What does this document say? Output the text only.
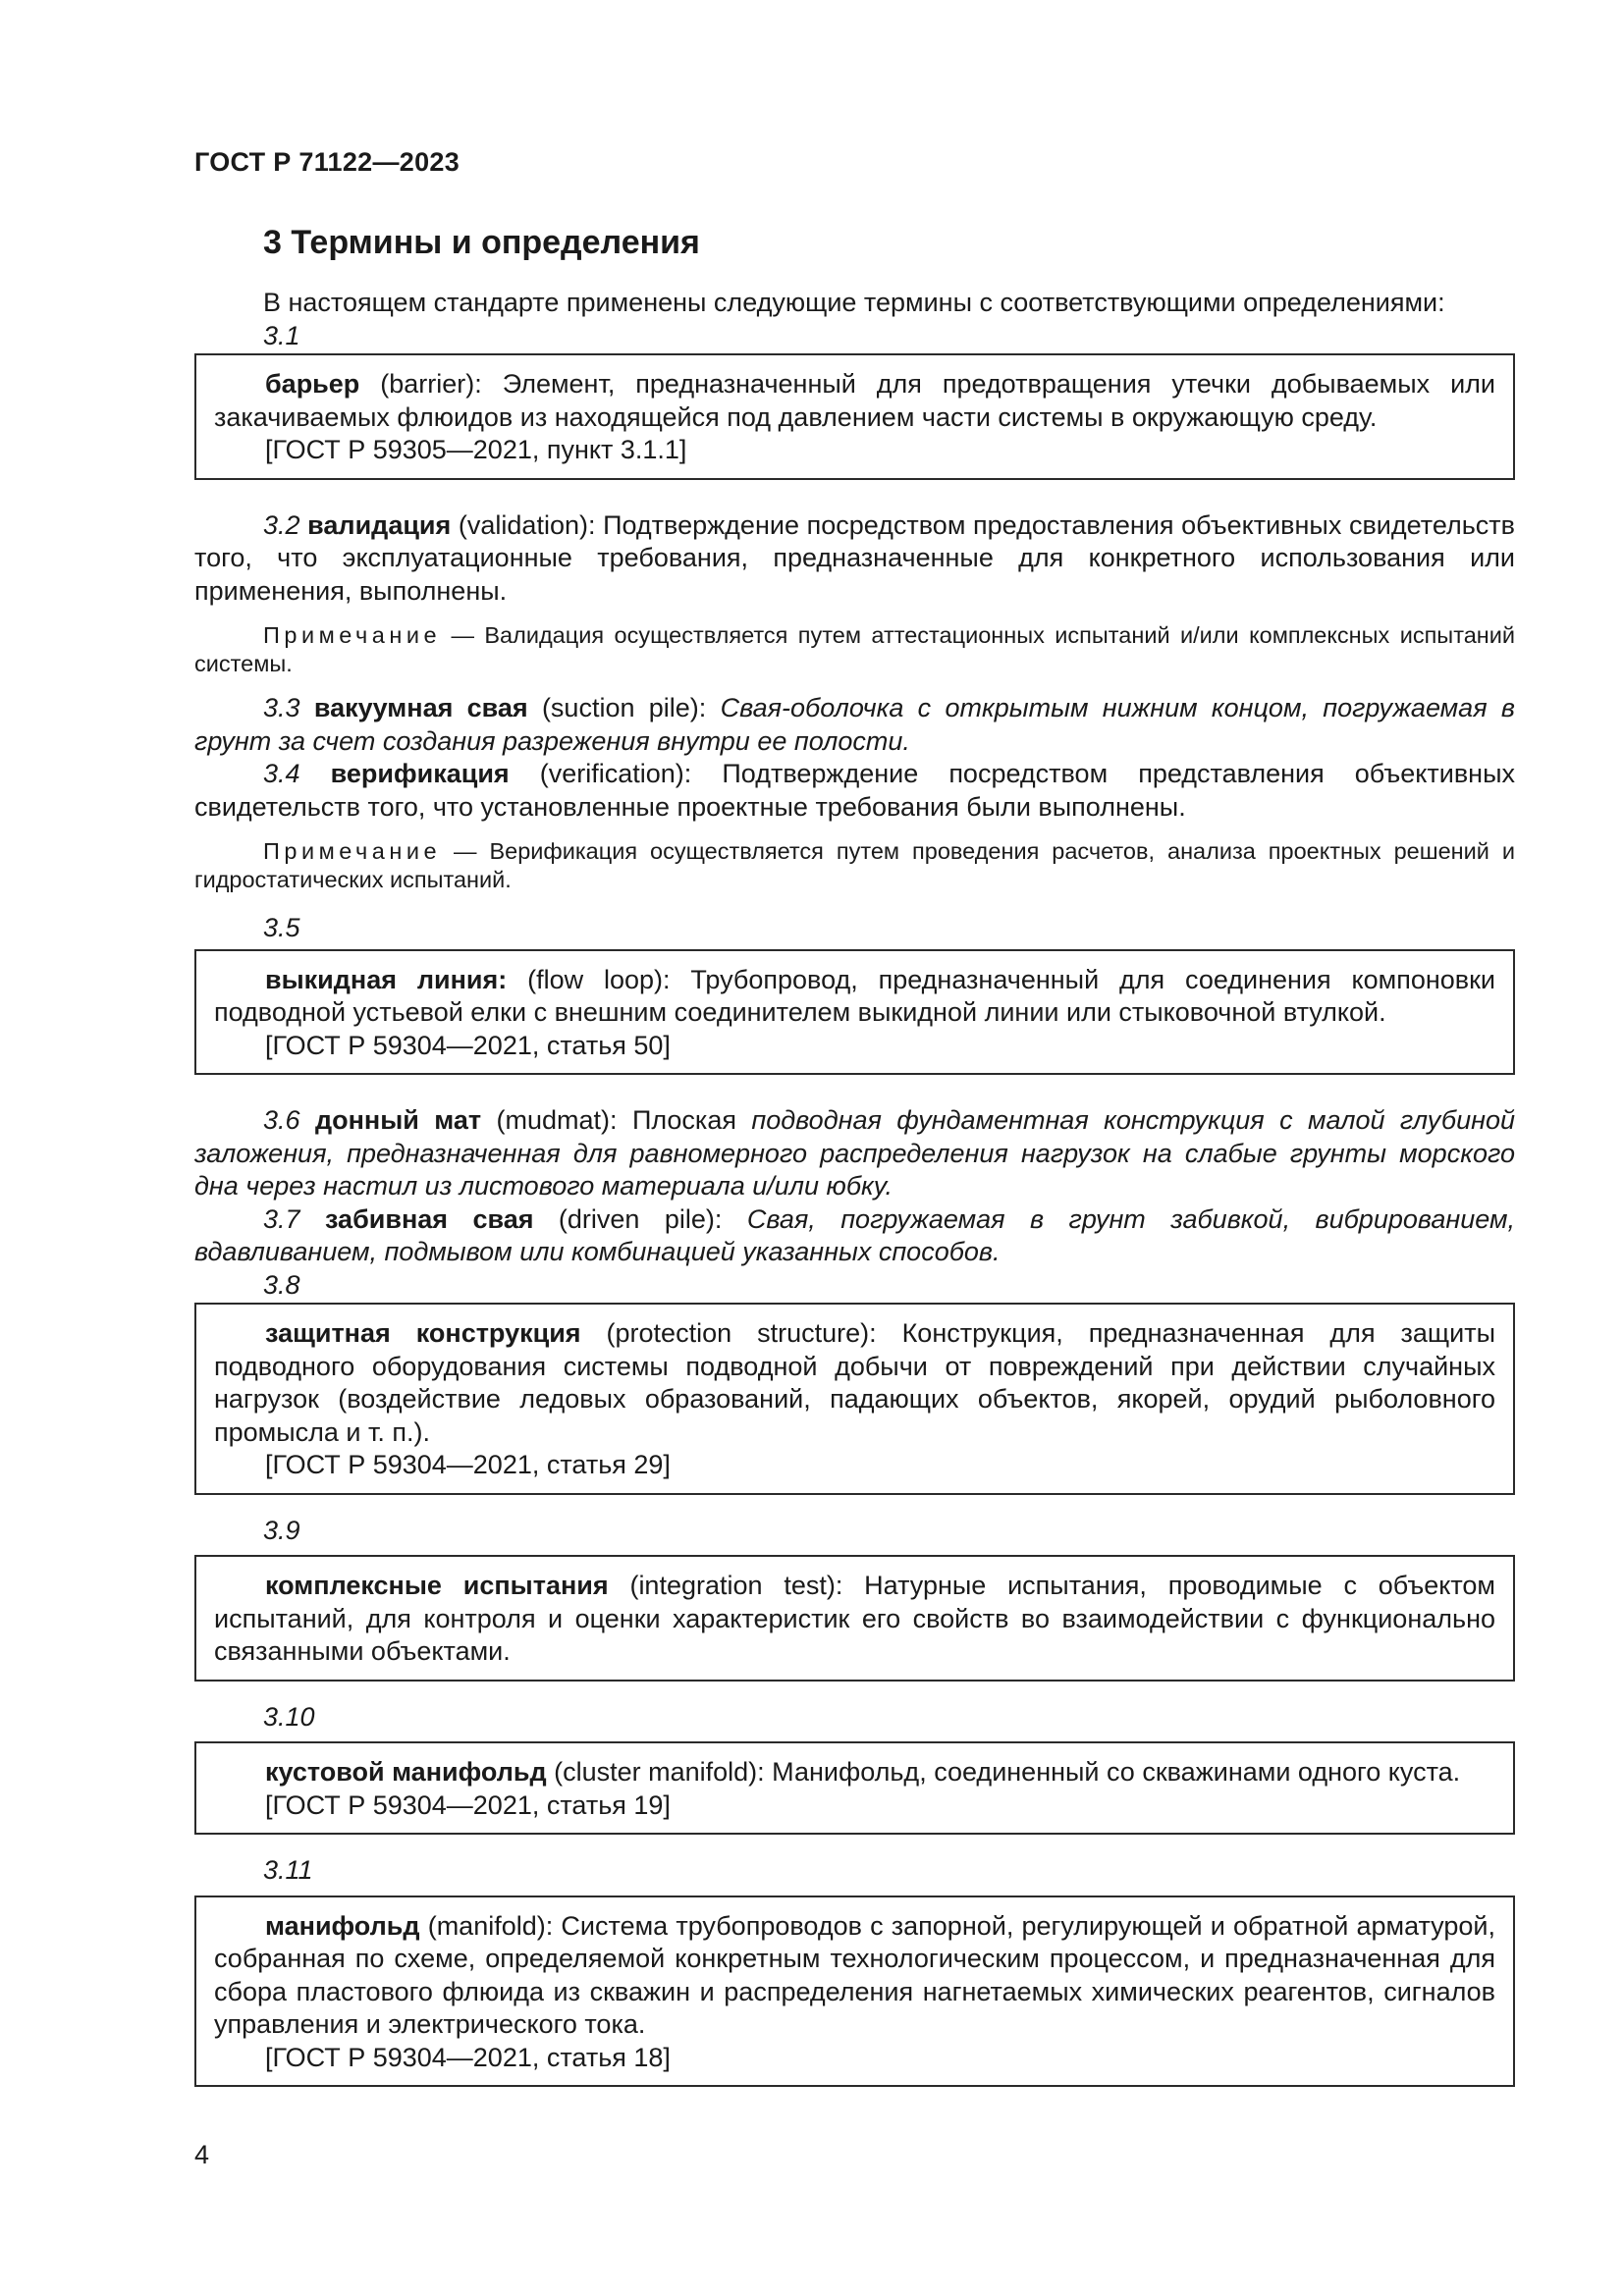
ГОСТ Р 71122—2023
3 Термины и определения

В настоящем стандарте применены следующие термины с соответствующими определениями:

3.1

барьер (barrier): Элемент, предназначенный для предотвращения утечки добываемых или закачиваемых флюидов из находящейся под давлением части системы в окружающую среду.

[ГОСТ Р 59305—2021, пункт 3.1.1]

3.2 валидация (validation): Подтверждение посредством предоставления объективных свидетельств того, что эксплуатационные требования, предназначенные для конкретного использования или применения, выполнены.

Примечание — Валидация осуществляется путем аттестационных испытаний и/или комплексных испытаний системы.

3.3 вакуумная свая (suction pile): Свая-оболочка с открытым нижним концом, погружаемая в грунт за счет создания разрежения внутри ее полости.

3.4 верификация (verification): Подтверждение посредством представления объективных свидетельств того, что установленные проектные требования были выполнены.

Примечание — Верификация осуществляется путем проведения расчетов, анализа проектных решений и гидростатических испытаний.

3.5

выкидная линия: (flow loop): Трубопровод, предназначенный для соединения компоновки подводной устьевой елки с внешним соединителем выкидной линии или стыковочной втулкой.

[ГОСТ Р 59304—2021, статья 50]

3.6 донный мат (mudmat): Плоская подводная фундаментная конструкция с малой глубиной заложения, предназначенная для равномерного распределения нагрузок на слабые грунты морского дна через настил из листового материала и/или юбку.

3.7 забивная свая (driven pile): Свая, погружаемая в грунт забивкой, вибрированием, вдавливанием, подмывом или комбинацией указанных способов.

3.8

защитная конструкция (protection structure): Конструкция, предназначенная для защиты подводного оборудования системы подводной добычи от повреждений при действии случайных нагрузок (воздействие ледовых образований, падающих объектов, якорей, орудий рыболовного промысла и т. п.).

[ГОСТ Р 59304—2021, статья 29]

3.9

комплексные испытания (integration test): Натурные испытания, проводимые с объектом испытаний, для контроля и оценки характеристик его свойств во взаимодействии с функционально связанными объектами.

3.10

кустовой манифольд (cluster manifold): Манифольд, соединенный со скважинами одного куста.

[ГОСТ Р 59304—2021, статья 19]

3.11

манифольд (manifold): Система трубопроводов с запорной, регулирующей и обратной арматурой, собранная по схеме, определяемой конкретным технологическим процессом, и предназначенная для сбора пластового флюида из скважин и распределения нагнетаемых химических реагентов, сигналов управления и электрического тока.

[ГОСТ Р 59304—2021, статья 18]

4
